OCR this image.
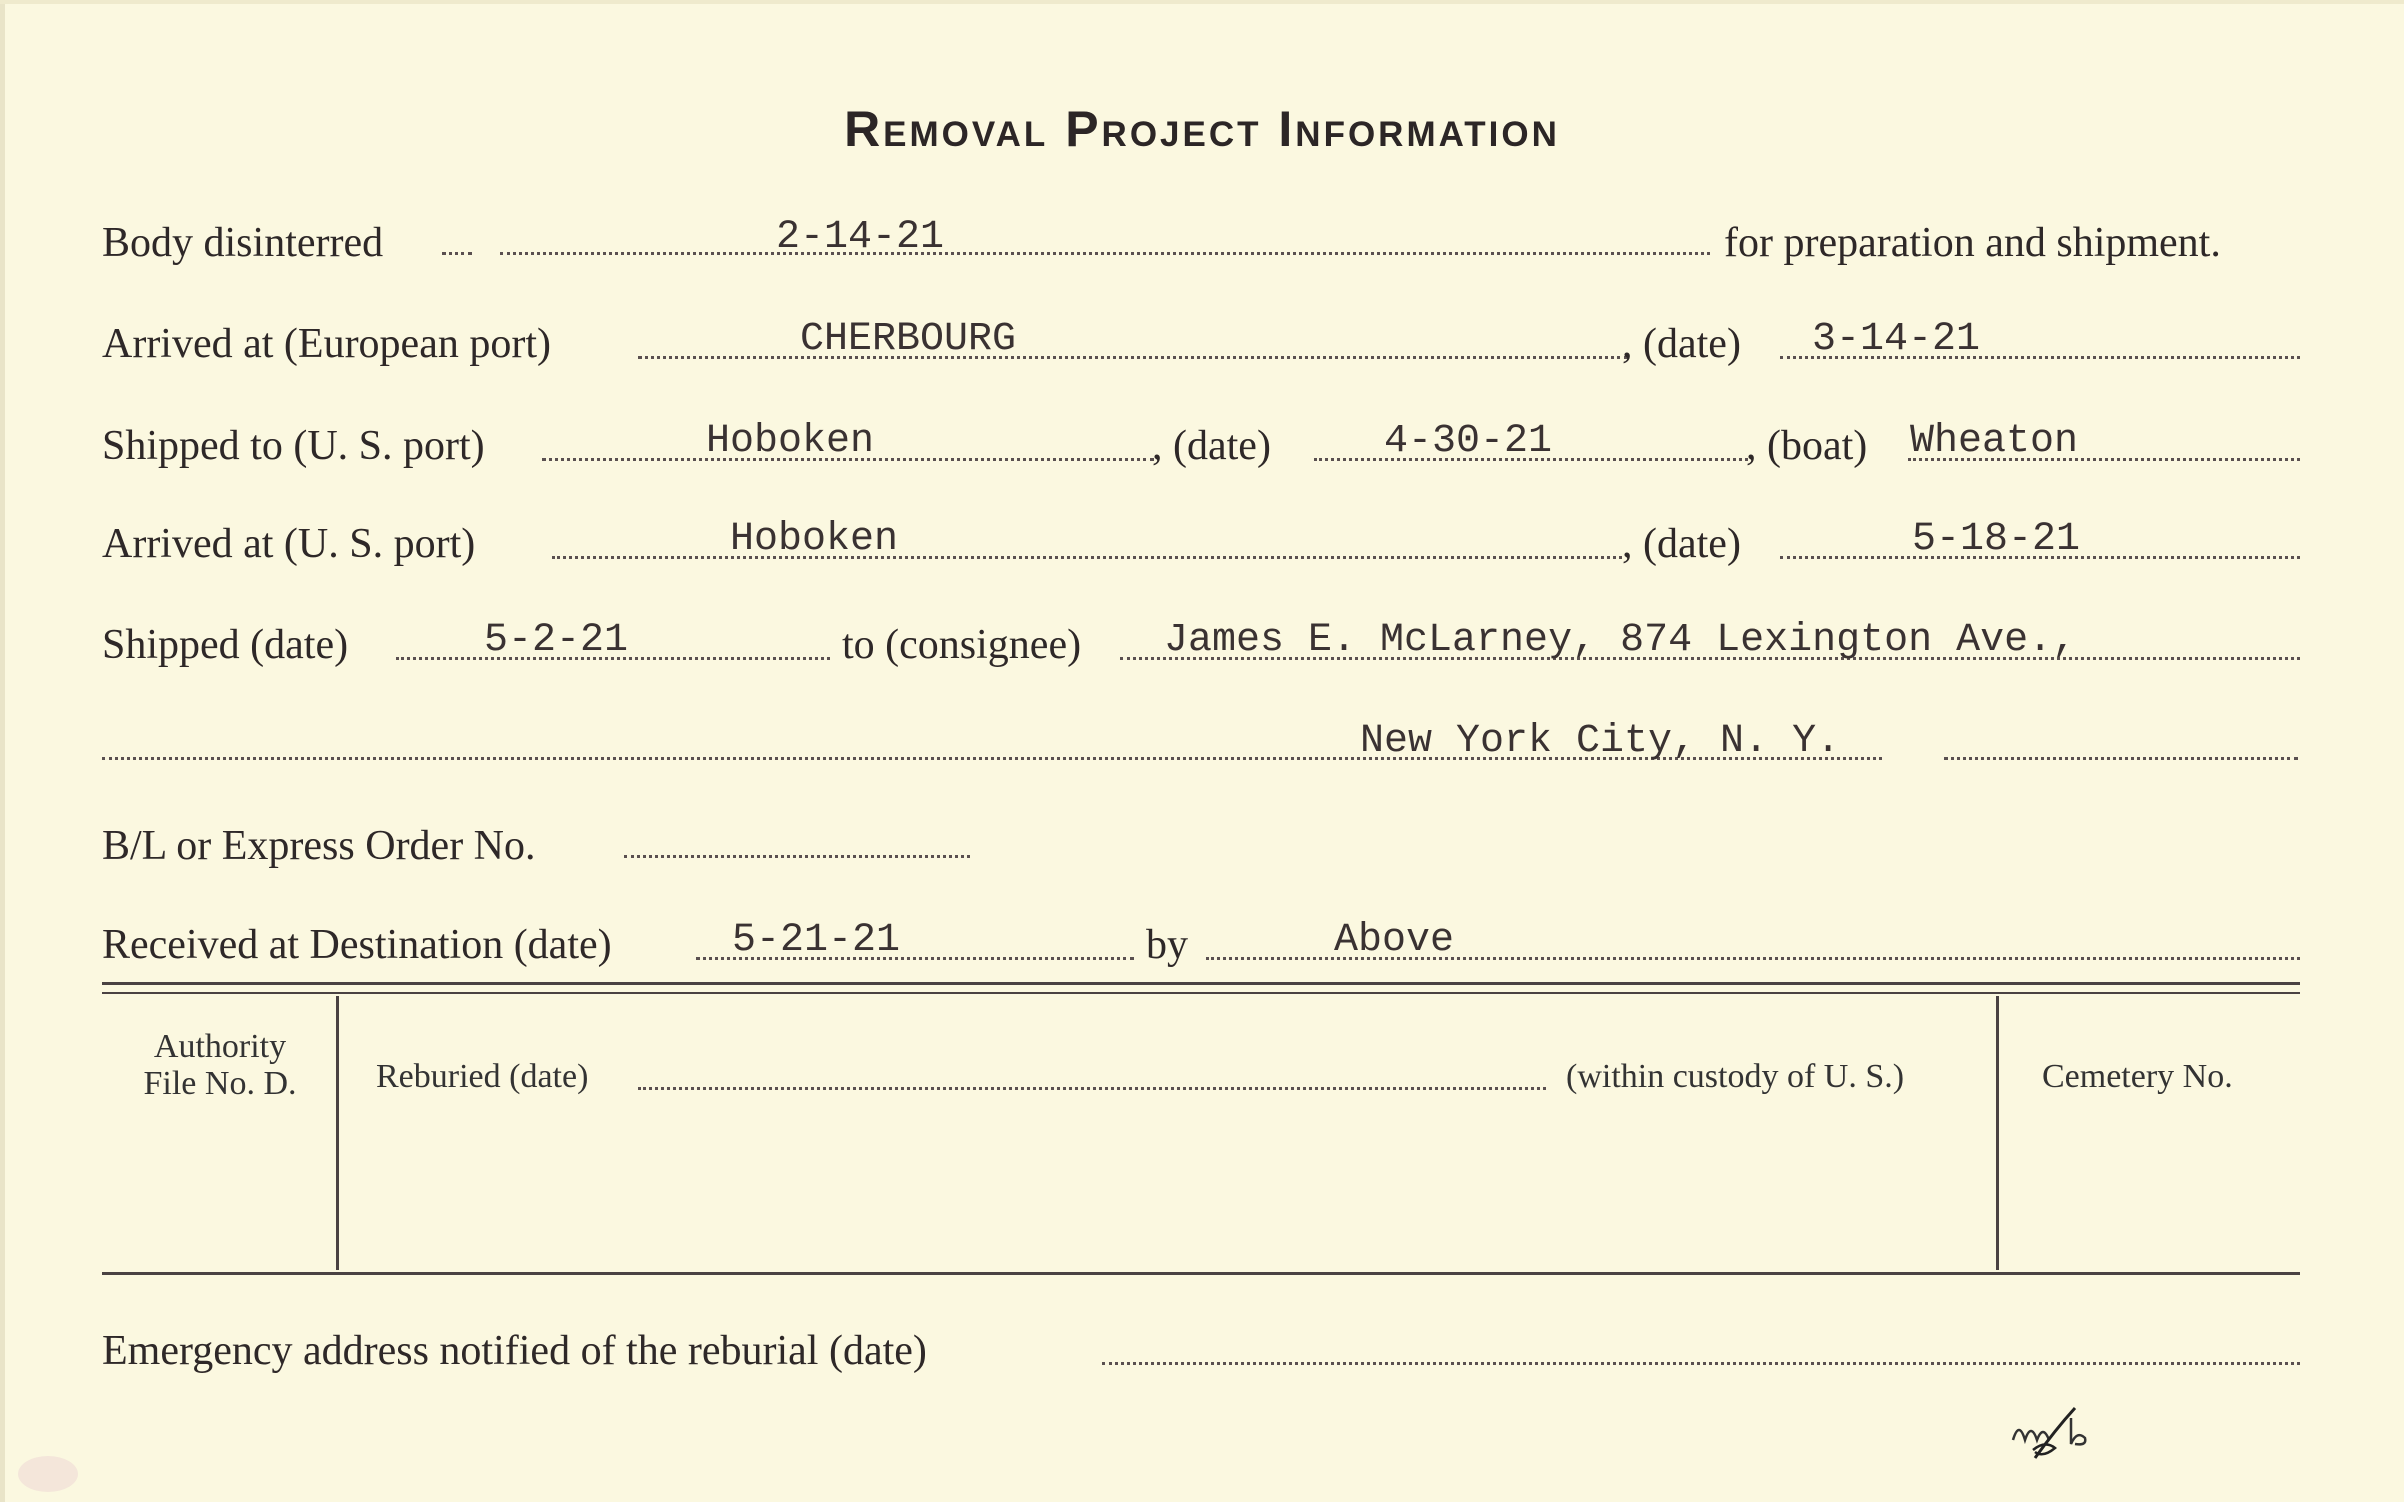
Removal Project Information
Body disinterred	2-14-21	for preparation and shipment.
Arrived at (European port)	CHERBOURG	, (date) 3-14-21
Shipped to (U. S. port)	Hoboken	, (date)	4-30-21	, (boat) Wheaton
Arrived at (U. S. port)	Hoboken	, (date)	5-18-21
Shipped (date)	5-2-21	to (consignee) James E. McLarney, 874 Lexington Ave.,
New York City, N. Y.
B/L or Express Order No.
Received at Destination (date)	5-21-21	by	Above
Authority
File No. D.	Reburied (date)	(within custody of U. S.)	Cemetery No.
Emergency address notified of the reburial (date)
